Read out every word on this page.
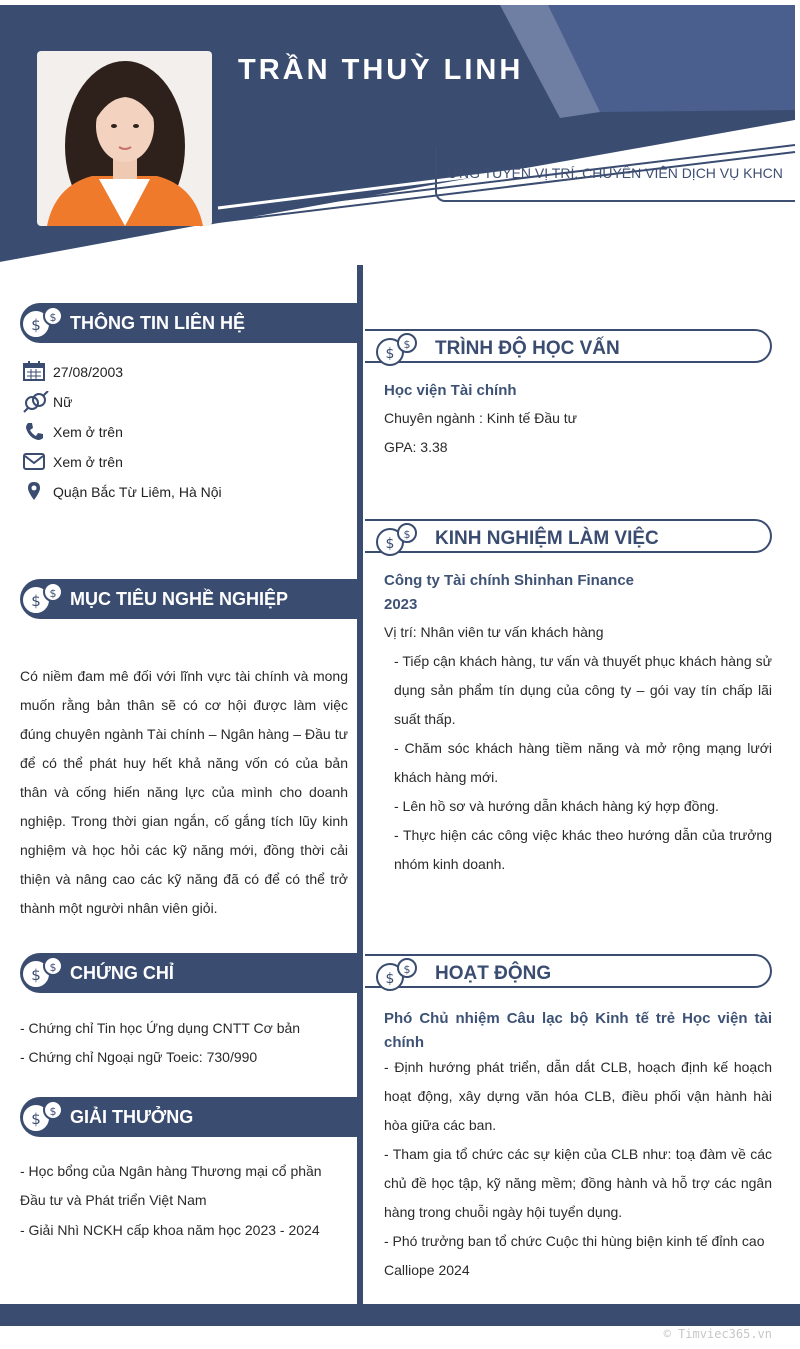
TRẦN THUỲ LINH
ỨNG TUYỂN VỊ TRÍ: CHUYÊN VIÊN DỊCH VỤ KHCN
$ $ THÔNG TIN LIÊN HỆ
27/08/2003
Nữ
Xem ở trên
Xem ở trên
Quận Bắc Từ Liêm, Hà Nội
$ $ MỤC TIÊU NGHỀ NGHIỆP
Có niềm đam mê đối với lĩnh vực tài chính và mong muốn rằng bản thân sẽ có cơ hội được làm việc đúng chuyên ngành Tài chính – Ngân hàng – Đầu tư để có thể phát huy hết khả năng vốn có của bản thân và cống hiến năng lực của mình cho doanh nghiệp. Trong thời gian ngắn, cố gắng tích lũy kinh nghiệm và học hỏi các kỹ năng mới, đồng thời cải thiện và nâng cao các kỹ năng đã có để có thể trở thành một người nhân viên giỏi.
$ $ CHỨNG CHỈ
- Chứng chỉ Tin học Ứng dụng CNTT Cơ bản
- Chứng chỉ Ngoại ngữ Toeic: 730/990
$ $ GIẢI THƯỞNG
- Học bổng của Ngân hàng Thương mại cổ phần Đầu tư và Phát triển Việt Nam
- Giải Nhì NCKH cấp khoa năm học 2023 - 2024
$
$ TRÌNH ĐỘ HỌC VẤN
Học viện Tài chính
Chuyên ngành : Kinh tế Đầu tư
GPA: 3.38
$
$ KINH NGHIỆM LÀM VIỆC
Công ty Tài chính Shinhan Finance
2023
Vị trí: Nhân viên tư vấn khách hàng
- Tiếp cận khách hàng, tư vấn và thuyết phục khách hàng sử dụng sản phẩm tín dụng của công ty – gói vay tín chấp lãi suất thấp.
- Chăm sóc khách hàng tiềm năng và mở rộng mạng lưới khách hàng mới.
- Lên hồ sơ và hướng dẫn khách hàng ký hợp đồng.
- Thực hiện các công việc khác theo hướng dẫn của trưởng nhóm kinh doanh.
$
$ HOẠT ĐỘNG
Phó Chủ nhiệm Câu lạc bộ Kinh tế trẻ Học viện tài chính
- Định hướng phát triển, dẫn dắt CLB, hoạch định kế hoạch hoạt động, xây dựng văn hóa CLB, điều phối vận hành hài hòa giữa các ban.
- Tham gia tổ chức các sự kiện của CLB như: toạ đàm về các chủ đề học tập, kỹ năng mềm; đồng hành và hỗ trợ các ngân hàng trong chuỗi ngày hội tuyển dụng.
- Phó trưởng ban tổ chức Cuộc thi hùng biện kinh tế đỉnh cao Calliope 2024
© Timviec365.vn
